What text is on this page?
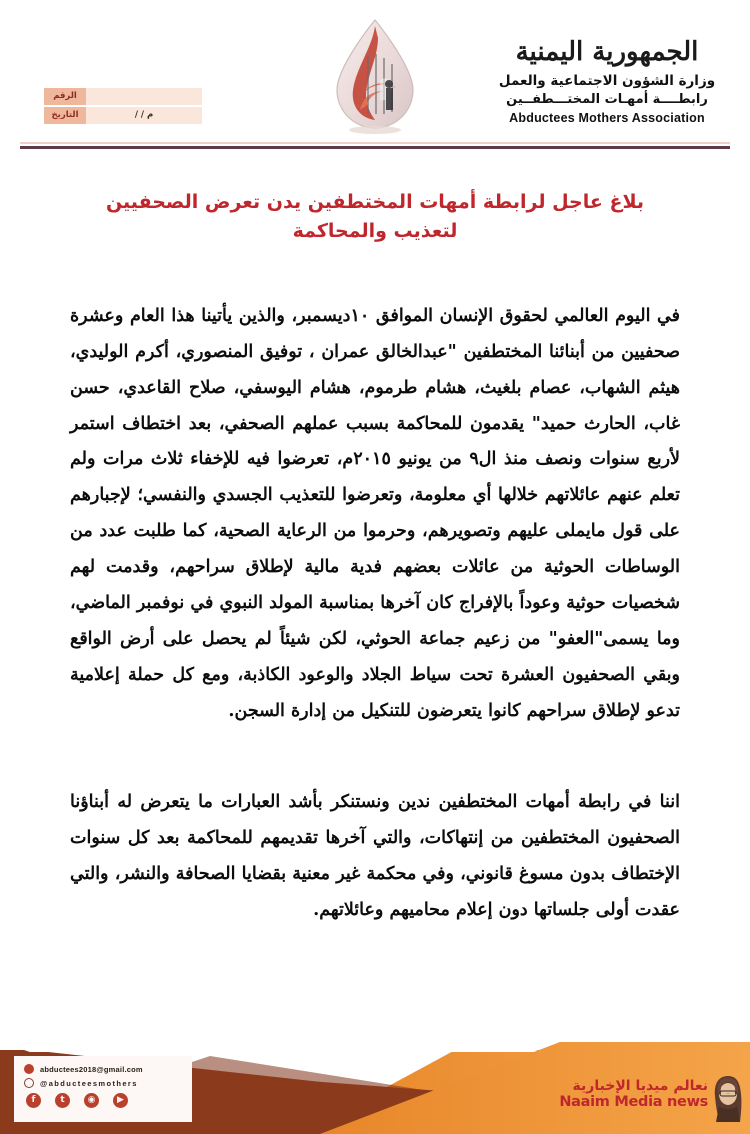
	الرقم
م / /	التاريخ
الجمهورية اليمنية
وزارة الشؤون الاجتماعية والعمل
رابطــــة أمهـات المختـــطفــين
Abductees Mothers Association
بلاغ عاجل لرابطة أمهات المختطفين يدن تعرض الصحفيين لتعذيب والمحاكمة

في اليوم العالمي لحقوق الإنسان الموافق ١٠ديسمبر، والذين يأتينا هذا العام وعشرة صحفيين من أبنائنا المختطفين "عبدالخالق عمران ، توفيق المنصوري، أكرم الوليدي، هيثم الشهاب، عصام بلغيث، هشام طرموم، هشام اليوسفي، صلاح القاعدي، حسن غاب، الحارث حميد" يقدمون للمحاكمة بسبب عملهم الصحفي، بعد اختطاف استمر لأربع سنوات ونصف منذ ال٩ من يونيو ٢٠١٥م، تعرضوا فيه للإخفاء ثلاث مرات ولم تعلم عنهم عائلاتهم خلالها أي معلومة، وتعرضوا للتعذيب الجسدي والنفسي؛ لإجبارهم على قول مايملى عليهم وتصويرهم، وحرموا من الرعاية الصحية، كما طلبت عدد من الوساطات الحوثية من عائلات بعضهم فدية مالية لإطلاق سراحهم، وقدمت لهم شخصيات حوثية وعوداً بالإفراج كان آخرها بمناسبة المولد النبوي في نوفمبر الماضي، وما يسمى"العفو" من زعيم جماعة الحوثي، لكن شيئاً لم يحصل على أرض الواقع وبقي الصحفيون العشرة تحت سياط الجلاد والوعود الكاذبة، ومع كل حملة إعلامية تدعو لإطلاق سراحهم كانوا يتعرضون للتنكيل من إدارة السجن.

اننا في رابطة أمهات المختطفين ندين ونستنكر بأشد العبارات ما يتعرض له أبناؤنا الصحفيون المختطفين من إنتهاكات، والتي آخرها تقديمهم للمحاكمة بعد كل سنوات الإختطاف بدون مسوغ قانوني، وفي محكمة غير معنية بقضايا الصحافة والنشر، والتي عقدت أولى جلساتها دون إعلام محاميهم وعائلاتهم.

abductees2018@gmail.com
@abducteesmothers
f	t	◉	▶
نعالم ميديا الإخبارية
Naaim Media news
